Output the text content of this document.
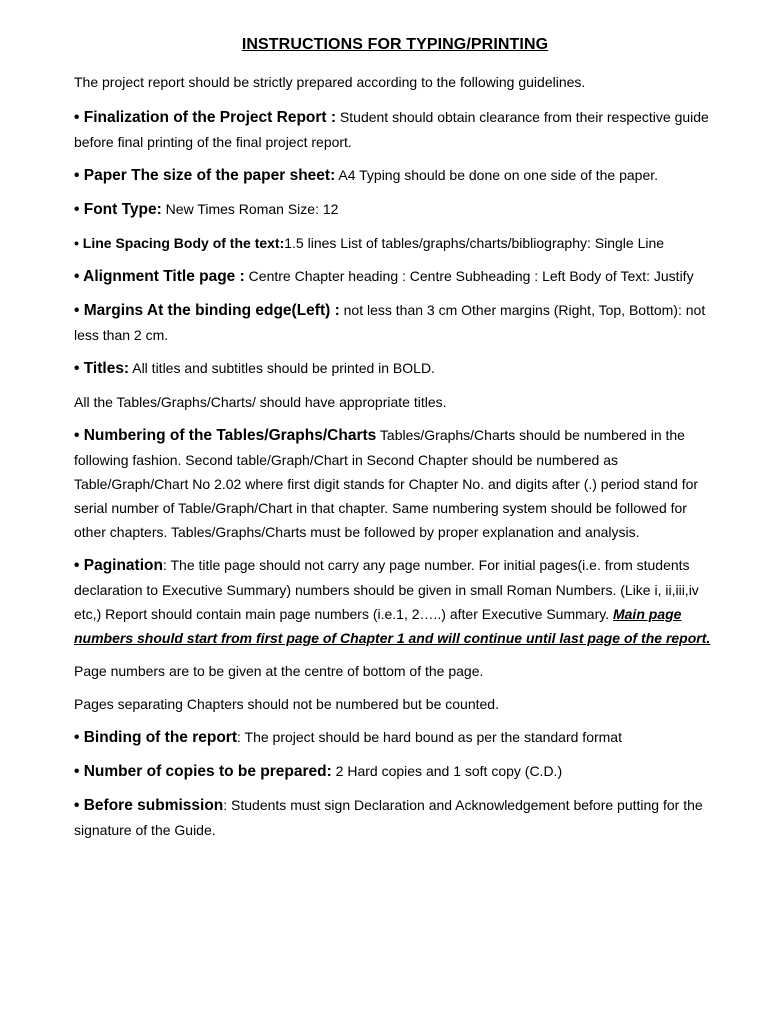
INSTRUCTIONS FOR TYPING/PRINTING

The project report should be strictly prepared according to the following guidelines.

• Finalization of the Project Report : Student should obtain clearance from their respective guide before final printing of the final project report.

• Paper The size of the paper sheet: A4 Typing should be done on one side of the paper.

• Font Type: New Times Roman Size: 12

• Line Spacing Body of the text:1.5 lines List of tables/graphs/charts/bibliography: Single Line

• Alignment Title page : Centre Chapter heading : Centre Subheading : Left Body of Text: Justify

• Margins At the binding edge(Left) : not less than 3 cm Other margins (Right, Top, Bottom): not less than 2 cm.

• Titles: All titles and subtitles should be printed in BOLD.

All the Tables/Graphs/Charts/ should have appropriate titles.

• Numbering of the Tables/Graphs/Charts Tables/Graphs/Charts should be numbered in the following fashion. Second table/Graph/Chart in Second Chapter should be numbered as Table/Graph/Chart No 2.02 where first digit stands for Chapter No. and digits after (.) period stand for serial number of Table/Graph/Chart in that chapter. Same numbering system should be followed for other chapters. Tables/Graphs/Charts must be followed by proper explanation and analysis.

• Pagination: The title page should not carry any page number. For initial pages(i.e. from students declaration to Executive Summary) numbers should be given in small Roman Numbers. (Like i, ii,iii,iv etc,) Report should contain main page numbers (i.e.1, 2…..) after Executive Summary. Main page numbers should start from first page of Chapter 1 and will continue until last page of the report.

Page numbers are to be given at the centre of bottom of the page.

Pages separating Chapters should not be numbered but be counted.

• Binding of the report: The project should be hard bound as per the standard format

• Number of copies to be prepared: 2 Hard copies and 1 soft copy (C.D.)

• Before submission: Students must sign Declaration and Acknowledgement before putting for the signature of the Guide.
